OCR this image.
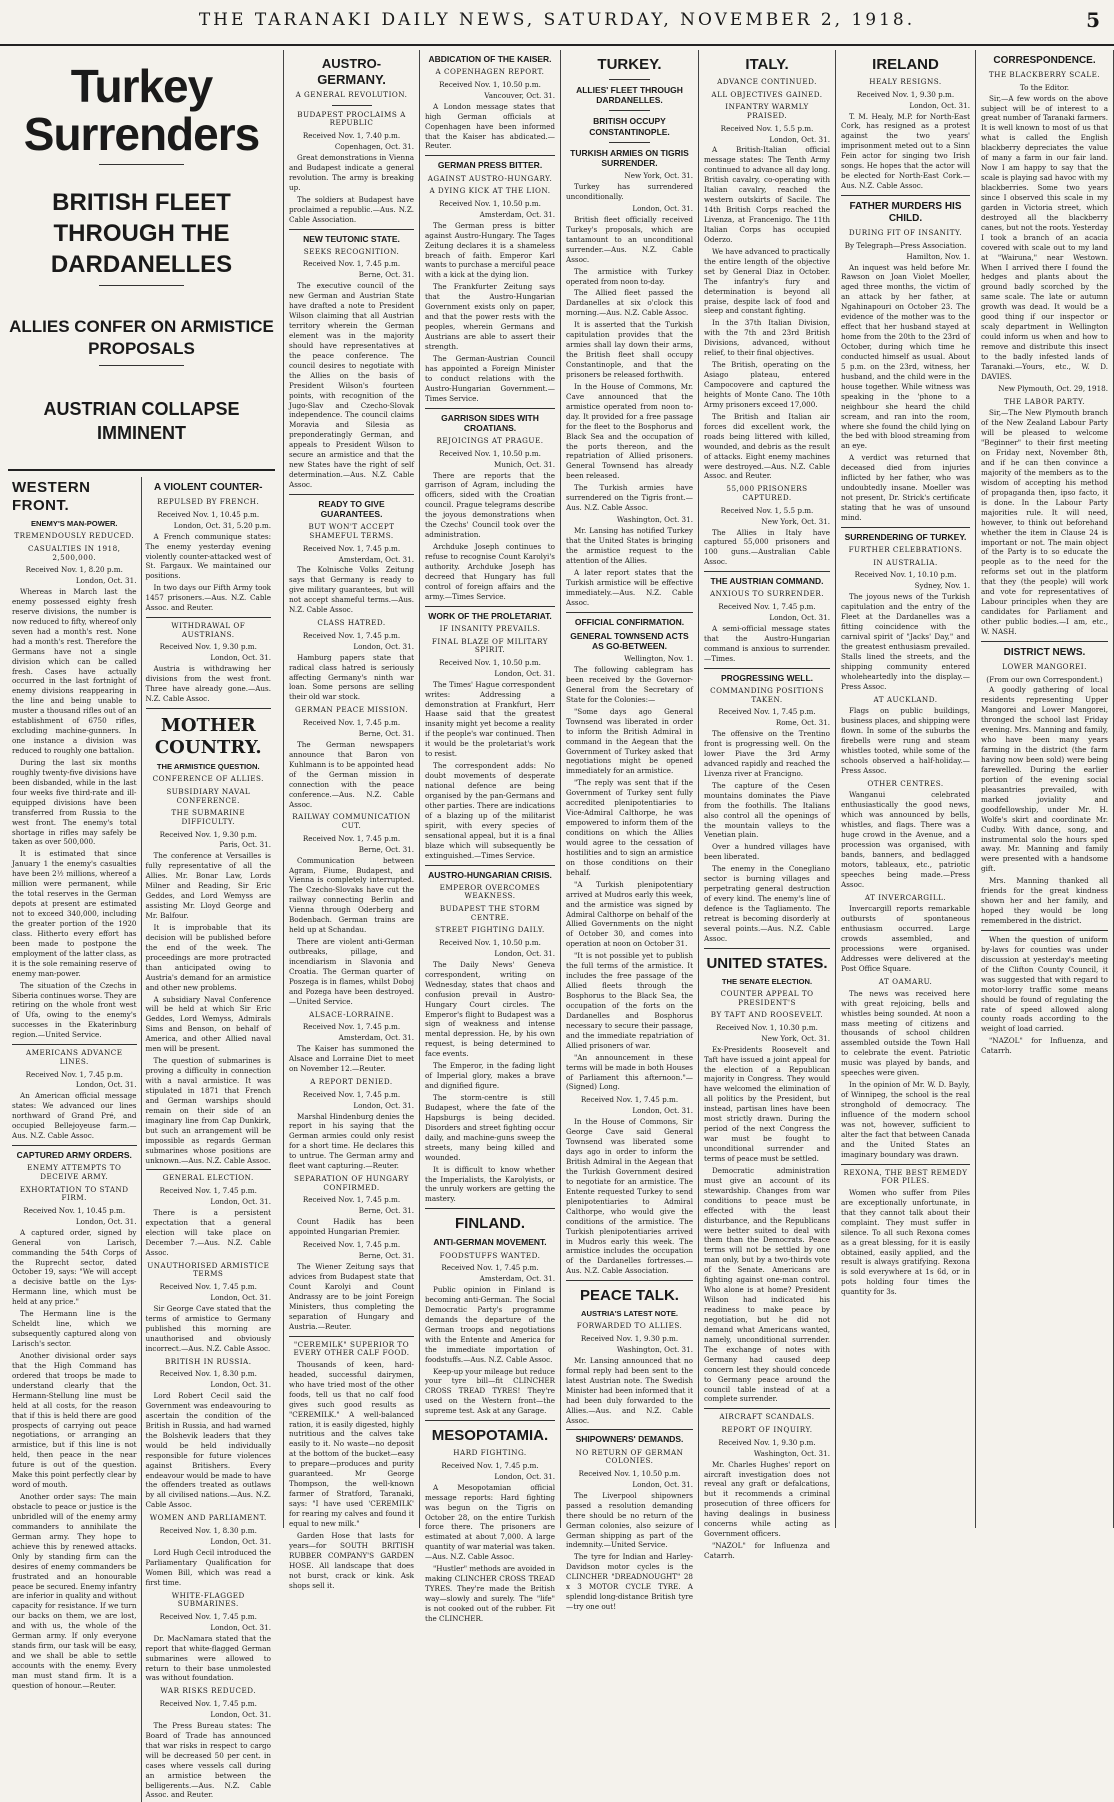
THE TARANAKI DAILY NEWS, SATURDAY, NOVEMBER 2, 1918.	5
Turkey Surrenders
BRITISH FLEET THROUGH THE DARDANELLES
ALLIES CONFER ON ARMISTICE PROPOSALS
AUSTRIAN COLLAPSE IMMINENT
WESTERN FRONT.
ENEMY'S MAN-POWER.
TREMENDOUSLY REDUCED.
CASUALTIES IN 1918, 2,500,000.
Received Nov. 1, 8.20 p.m.
London, Oct. 31.

Whereas in March last the enemy possessed eighty fresh reserve divisions, the number is now reduced to fifty, whereof only seven had a month's rest. None had a month's rest. Therefore the Germans have not a single division which can be called fresh. Cases have actually occurred in the last fortnight of enemy divisions reappearing in the line and being unable to muster a thousand rifles out of an establishment of 6750 rifles, excluding machine-gunners. In one instance a division was reduced to roughly one battalion.

During the last six months roughly twenty-five divisions have been disbanded, while in the last four weeks five third-rate and ill-equipped divisions have been transferred from Russia to the west front. The enemy's total shortage in rifles may safely be taken as over 500,000.

It is estimated that since January 1 the enemy's casualties have been 2½ millions, whereof a million were permanent, while the total reserves in the German depots at present are estimated not to exceed 340,000, including the greater portion of the 1920 class. Hitherto every effort has been made to postpone the employment of the latter class, as it is the sole remaining reserve of enemy man-power.

The situation of the Czechs in Siberia continues worse. They are retiring on the whole front west of Ufa, owing to the enemy's successes in the Ekaterinburg region.—United Service.

AMERICANS ADVANCE LINES.
Received Nov. 1, 7.45 p.m.
London, Oct. 31.

An American official message states: We advanced our lines northward of Grand Pré, and occupied Bellejoyeuse farm.—Aus. N.Z. Cable Assoc.

CAPTURED ARMY ORDERS.
ENEMY ATTEMPTS TO DECEIVE ARMY.
EXHORTATION TO STAND FIRM.
Received Nov. 1, 10.45 p.m.
London, Oct. 31.

A captured order, signed by General von Larisch, commanding the 54th Corps of the Ruprecht sector, dated October 19, says: "We will accept a decisive battle on the Lys-Hermann line, which must be held at any price."

The Hermann line is the Scheldt line, which we subsequently captured along von Larisch's sector.

Another divisional order says that the High Command has ordered that troops be made to understand clearly that the Hermann-Stellung line must be held at all costs, for the reason that if this is held there are good prospects of carrying out peace negotiations, or arranging an armistice, but if this line is not held, then peace in the near future is out of the question. Make this point perfectly clear by word of mouth.

Another order says: The main obstacle to peace or justice is the unbridled will of the enemy army commanders to annihilate the German army. They hope to achieve this by renewed attacks. Only by standing firm can the desires of enemy commanders be frustrated and an honourable peace be secured. Enemy infantry are inferior in quality and without capacity for resistance. If we turn our backs on them, we are lost, and with us, the whole of the German army. If only everyone stands firm, our task will be easy, and we shall be able to settle accounts with the enemy. Every man must stand firm. It is a question of honour.—Reuter.

A VIOLENT COUNTER-
REPULSED BY FRENCH.
Received Nov. 1, 10.45 p.m.
London, Oct. 31, 5.20 p.m.

A French communique states: The enemy yesterday evening violently counter-attacked west of St. Fargaux. We maintained our positions.

In two days our Fifth Army took 1457 prisoners.—Aus. N.Z. Cable Assoc. and Reuter.

WITHDRAWAL OF AUSTRIANS.
Received Nov. 1, 9.30 p.m.
London, Oct. 31.

Austria is withdrawing her divisions from the west front. Three have already gone.—Aus. N.Z. Cable Assoc.

MOTHER COUNTRY.
THE ARMISTICE QUESTION.
CONFERENCE OF ALLIES.
SUBSIDIARY NAVAL CONFERENCE.
THE SUBMARINE DIFFICULTY.
Received Nov. 1, 9.30 p.m.
Paris, Oct. 31.

The conference at Versailles is fully representative of all the Allies. Mr. Bonar Law, Lords Milner and Reading, Sir Eric Geddes, and Lord Wemyss are assisting Mr. Lloyd George and Mr. Balfour.

It is improbable that its decision will be published before the end of the week. The proceedings are more protracted than anticipated owing to Austria's demand for an armistice and other new problems.

A subsidiary Naval Conference will be held at which Sir Eric Geddes, Lord Wemyss, Admirals Sims and Benson, on behalf of America, and other Allied naval men will be present.

The question of submarines is proving a difficulty in connection with a naval armistice. It was stipulated in 1871 that French and German warships should remain on their side of an imaginary line from Cap Dunkirk, but such an arrangement will be impossible as regards German submarines whose positions are unknown.—Aus. N.Z. Cable Assoc.

GENERAL ELECTION.
Received Nov. 1, 7.45 p.m.
London, Oct. 31.

There is a persistent expectation that a general election will take place on December 7.—Aus. N.Z. Cable Assoc.

UNAUTHORISED ARMISTICE TERMS
Received Nov. 1, 7.45 p.m.
London, Oct. 31.

Sir George Cave stated that the terms of armistice to Germany published this morning are unauthorised and obviously incorrect.—Aus. N.Z. Cable Assoc.

BRITISH IN RUSSIA.
Received Nov. 1, 8.30 p.m.
London, Oct. 31.

Lord Robert Cecil said the Government was endeavouring to ascertain the condition of the British in Russia, and had warned the Bolshevik leaders that they would be held individually responsible for future violences against Britishers. Every endeavour would be made to have the offenders treated as outlaws by all civilised nations.—Aus. N.Z. Cable Assoc.

WOMEN AND PARLIAMENT.
Received Nov. 1, 8.30 p.m.
London, Oct. 31.

Lord Hugh Cecil introduced the Parliamentary Qualification for Women Bill, which was read a first time.

WHITE-FLAGGED SUBMARINES.
Received Nov. 1, 7.45 p.m.
London, Oct. 31.

Dr. MacNamara stated that the report that white-flagged German submarines were allowed to return to their base unmolested was without foundation.

WAR RISKS REDUCED.
Received Nov. 1, 7.45 p.m.
London, Oct. 31.

The Press Bureau states: The Board of Trade has announced that war risks in respect to cargo will be decreased 50 per cent. in cases where vessels call during an armistice between the belligerents.—Aus. N.Z. Cable Assoc. and Reuter.

AUSTRO-GERMANY.
A GENERAL REVOLUTION.
BUDAPEST PROCLAIMS A REPUBLIC
Received Nov. 1, 7.40 p.m.
Copenhagen, Oct. 31.

Great demonstrations in Vienna and Budapest indicate a general revolution. The army is breaking up.

The soldiers at Budapest have proclaimed a republic.—Aus. N.Z. Cable Association.

NEW TEUTONIC STATE.
SEEKS RECOGNITION.
Received Nov. 1, 7.45 p.m.
Berne, Oct. 31.

The executive council of the new German and Austrian State have drafted a note to President Wilson claiming that all Austrian territory wherein the German element was in the majority should have representatives at the peace conference. The council desires to negotiate with the Allies on the basis of President Wilson's fourteen points, with recognition of the Jugo-Slav and Czecho-Slovak independence. The council claims Moravia and Silesia as preponderatingly German, and appeals to President Wilson to secure an armistice and that the new States have the right of self determination.—Aus. N.Z. Cable Assoc.

READY TO GIVE GUARANTEES.
BUT WON'T ACCEPT SHAMEFUL TERMS.
Received Nov. 1, 7.45 p.m.
Amsterdam, Oct. 31.

The Kolnische Volks Zeitung says that Germany is ready to give military guarantees, but will not accept shameful terms.—Aus. N.Z. Cable Assoc.

CLASS HATRED.
Received Nov. 1, 7.45 p.m.
London, Oct. 31.

Hamburg papers state that radical class hatred is seriously affecting Germany's ninth war loan. Some persons are selling their old war stock.

GERMAN PEACE MISSION.
Received Nov. 1, 7.45 p.m.
Berne, Oct. 31.

The German newspapers announce that Baron von Kuhlmann is to be appointed head of the German mission in connection with the peace conference.—Aus. N.Z. Cable Assoc.

RAILWAY COMMUNICATION CUT.
Received Nov. 1, 7.45 p.m.
Berne, Oct. 31.

Communication between Agram, Fiume, Budapest, and Vienna is completely interrupted. The Czecho-Slovaks have cut the railway connecting Berlin and Vienna through Oderberg and Bodenbach. German trains are held up at Schandau.

There are violent anti-German outbreaks, pillage, and incendiarism in Slavonia and Croatia. The German quarter of Poszega is in flames, whilst Doboj and Pozega have been destroyed.—United Service.

ALSACE-LORRAINE.
Received Nov. 1, 7.45 p.m.
Amsterdam, Oct. 31.

The Kaiser has summoned the Alsace and Lorraine Diet to meet on November 12.—Reuter.

A REPORT DENIED.
Received Nov. 1, 7.45 p.m.
London, Oct. 31.

Marshal Hindenburg denies the report in his saying that the German armies could only resist for a short time. He declares this to untrue. The German army and fleet want capturing.—Reuter.

SEPARATION OF HUNGARY CONFIRMED.
Received Nov. 1, 7.45 p.m.
Berne, Oct. 31.

Count Hadik has been appointed Hungarian Premier.

Received Nov. 1, 7.45 p.m.
Berne, Oct. 31.

The Wiener Zeitung says that advices from Budapest state that Count Karolyi and Count Andrassy are to be joint Foreign Ministers, thus completing the separation of Hungary and Austria.—Reuter.

"CEREMILK" SUPERIOR TO EVERY OTHER CALF FOOD.

Thousands of keen, hard-headed, successful dairymen, who have tried most of the other foods, tell us that no calf food gives such good results as "CEREMILK." A well-balanced ration, it is easily digested, highly nutritious and the calves take easily to it. No waste—no deposit at the bottom of the bucket—easy to prepare—produces and purity guaranteed. Mr George Thompson, the well-known farmer of Stratford, Taranaki, says: "I have used 'CEREMILK' for rearing my calves and found it equal to new milk."

Garden Hose that lasts for years—for SOUTH BRITISH RUBBER COMPANY'S GARDEN HOSE. All landscape that does not burst, crack or kink. Ask shops sell it.

ABDICATION OF THE KAISER.
A COPENHAGEN REPORT.
Received Nov. 1, 10.50 p.m.
Vancouver, Oct. 31.

A London message states that high German officials at Copenhagen have been informed that the Kaiser has abdicated.—Reuter.

GERMAN PRESS BITTER.
AGAINST AUSTRO-HUNGARY.
A DYING KICK AT THE LION.
Received Nov. 1, 10.50 p.m.
Amsterdam, Oct. 31.

The German press is bitter against Austro-Hungary. The Tages Zeitung declares it is a shameless breach of faith. Emperor Karl wants to purchase a merciful peace with a kick at the dying lion.

The Frankfurter Zeitung says that the Austro-Hungarian Government exists only on paper, and that the power rests with the peoples, wherein Germans and Austrians are able to assert their strength.

The German-Austrian Council has appointed a Foreign Minister to conduct relations with the Austro-Hungarian Government.—Times Service.

GARRISON SIDES WITH CROATIANS.
REJOICINGS AT PRAGUE.
Received Nov. 1, 10.50 p.m.
Munich, Oct. 31.

There are reports that the garrison of Agram, including the officers, sided with the Croatian council. Prague telegrams describe the joyous demonstrations when the Czechs' Council took over the administration.

Archduke Joseph continues to refuse to recognise Count Karolyi's authority. Archduke Joseph has decreed that Hungary has full control of foreign affairs and the army.—Times Service.

WORK OF THE PROLETARIAT.
IF INSANITY PREVAILS.
FINAL BLAZE OF MILITARY SPIRIT.
Received Nov. 1, 10.50 p.m.
London, Oct. 31.

The Times' Hague correspondent writes: Addressing a demonstration at Frankfurt, Herr Haase said that the greatest insanity might yet become a reality if the people's war continued. Then it would be the proletariat's work to resist.

The correspondent adds: No doubt movements of desperate national defence are being organised by the pan-Germans and other parties. There are indications of a blazing up of the militarist spirit, with every species of sensational appeal, but it is a final blaze which will subsequently be extinguished.—Times Service.

AUSTRO-HUNGARIAN CRISIS.
EMPEROR OVERCOMES WEAKNESS.
BUDAPEST THE STORM CENTRE.
STREET FIGHTING DAILY.
Received Nov. 1, 10.50 p.m.
London, Oct. 31.

The Daily News' Geneva correspondent, writing on Wednesday, states that chaos and confusion prevail in Austro-Hungary Court circles. The Emperor's flight to Budapest was a sign of weakness and intense mental depression. He, by his own request, is being determined to face events.

The Emperor, in the fading light of Imperial glory, makes a brave and dignified figure.

The storm-centre is still Budapest, where the fate of the Hapsburgs is being decided. Disorders and street fighting occur daily, and machine-guns sweep the streets, many being killed and wounded.

It is difficult to know whether the Imperialists, the Karolyists, or the unruly workers are getting the mastery.

FINLAND.
ANTI-GERMAN MOVEMENT.
FOODSTUFFS WANTED.
Received Nov. 1, 7.45 p.m.
Amsterdam, Oct. 31.

Public opinion in Finland is becoming anti-German. The Social Democratic Party's programme demands the departure of the German troops and negotiations with the Entente and America for the immediate importation of foodstuffs.—Aus. N.Z. Cable Assoc.

Keep-up your mileage but reduce your tyre bill—fit CLINCHER CROSS TREAD TYRES! They're used on the Western front—the supreme test. Ask at any Garage.

MESOPOTAMIA.
HARD FIGHTING.
Received Nov. 1, 7.45 p.m.
London, Oct. 31.

A Mesopotamian official message reports: Hard fighting was begun on the Tigris on October 28, on the entire Turkish force there. The prisoners are estimated at about 7,000. A large quantity of war material was taken.—Aus. N.Z. Cable Assoc.

"Hustler" methods are avoided in making CLINCHER CROSS TREAD TYRES. They're made the British way—slowly and surely. The "life" is not cooked out of the rubber. Fit the CLINCHER.

TURKEY.
ALLIES' FLEET THROUGH DARDANELLES.
BRITISH OCCUPY CONSTANTINOPLE.
TURKISH ARMIES ON TIGRIS SURRENDER.
New York, Oct. 31.

Turkey has surrendered unconditionally.

London, Oct. 31.

British fleet officially received Turkey's proposals, which are tantamount to an unconditional surrender.—Aus. N.Z. Cable Assoc.

The armistice with Turkey operated from noon to-day.

The Allied fleet passed the Dardanelles at six o'clock this morning.—Aus. N.Z. Cable Assoc.

It is asserted that the Turkish capitulation provides that the armies shall lay down their arms, the British fleet shall occupy Constantinople, and that the prisoners be released forthwith.

In the House of Commons, Mr. Cave announced that the armistice operated from noon to-day. It provided for a free passage for the fleet to the Bosphorus and Black Sea and the occupation of the ports thereon, and the repatriation of Allied prisoners. General Townsend has already been released.

The Turkish armies have surrendered on the Tigris front.—Aus. N.Z. Cable Assoc.

Washington, Oct. 31.

Mr. Lansing has notified Turkey that the United States is bringing the armistice request to the attention of the Allies.

A later report states that the Turkish armistice will be effective immediately.—Aus. N.Z. Cable Assoc.

OFFICIAL CONFIRMATION.
GENERAL TOWNSEND ACTS AS GO-BETWEEN.
Wellington, Nov. 1.

The following cablegram has been received by the Governor-General from the Secretary of State for the Colonies:—

"Some days ago General Townsend was liberated in order to inform the British Admiral in command in the Aegean that the Government of Turkey asked that negotiations might be opened immediately for an armistice.

"The reply was sent that if the Government of Turkey sent fully accredited plenipotentiaries to Vice-Admiral Calthorpe, he was empowered to inform them of the conditions on which the Allies would agree to the cessation of hostilities and to sign an armistice on those conditions on their behalf.

"A Turkish plenipotentiary arrived at Mudros early this week, and the armistice was signed by Admiral Calthorpe on behalf of the Allied Governments on the night of October 30, and comes into operation at noon on October 31.

"It is not possible yet to publish the full terms of the armistice. It includes the free passage of the Allied fleets through the Bosphorus to the Black Sea, the occupation of the forts on the Dardanelles and Bosphorus necessary to secure their passage, and the immediate repatriation of Allied prisoners of war.

"An announcement in these terms will be made in both Houses of Parliament this afternoon."—(Signed) Long.

Received Nov. 1, 7.45 p.m.
London, Oct. 31.

In the House of Commons, Sir George Cave said General Townsend was liberated some days ago in order to inform the British Admiral in the Aegean that the Turkish Government desired to negotiate for an armistice. The Entente requested Turkey to send plenipotentiaries to Admiral Calthorpe, who would give the conditions of the armistice. The Turkish plenipotentiaries arrived in Mudros early this week. The armistice includes the occupation of the Dardanelles fortresses.—Aus. N.Z. Cable Association.

PEACE TALK.
AUSTRIA'S LATEST NOTE.
FORWARDED TO ALLIES.
Received Nov. 1, 9.30 p.m.
Washington, Oct. 31.

Mr. Lansing announced that no formal reply had been sent to the latest Austrian note. The Swedish Minister had been informed that it had been duly forwarded to the Allies.—Aus. and N.Z. Cable Assoc.

SHIPOWNERS' DEMANDS.
NO RETURN OF GERMAN COLONIES.
Received Nov. 1, 10.50 p.m.
London, Oct. 31.

The Liverpool shipowners passed a resolution demanding there should be no return of the German colonies, also seizure of German shipping as part of the indemnity.—United Service.

The tyre for Indian and Harley-Davidson motor cycles is the CLINCHER "DREADNOUGHT" 28 x 3 MOTOR CYCLE TYRE. A splendid long-distance British tyre—try one out!

ITALY.
ADVANCE CONTINUED.
ALL OBJECTIVES GAINED.
INFANTRY WARMLY PRAISED.
Received Nov. 1, 5.5 p.m.
London, Oct. 31.

A British-Italian official message states: The Tenth Army continued to advance all day long. British cavalry, co-operating with Italian cavalry, reached the western outskirts of Sacile. The 14th British Corps reached the Livenza, at Francenigo. The 11th Italian Corps has occupied Oderzo.

We have advanced to practically the entire length of the objective set by General Diaz in October. The infantry's fury and determination is beyond all praise, despite lack of food and sleep and constant fighting.

In the 37th Italian Division, with the 7th and 23rd British Divisions, advanced, without relief, to their final objectives.

The British, operating on the Asiago plateau, entered Campocovere and captured the heights of Monte Cano. The 10th Army prisoners exceed 17,000.

The British and Italian air forces did excellent work, the roads being littered with killed, wounded, and debris as the result of attacks. Eight enemy machines were destroyed.—Aus. N.Z. Cable Assoc. and Reuter.

55,000 PRISONERS CAPTURED.
Received Nov. 1, 5.5 p.m.
New York, Oct. 31.

The Allies in Italy have captured 55,000 prisoners and 100 guns.—Australian Cable Assoc.

THE AUSTRIAN COMMAND.
ANXIOUS TO SURRENDER.
Received Nov. 1, 7.45 p.m.
London, Oct. 31.

A semi-official message states that the Austro-Hungarian command is anxious to surrender.—Times.

PROGRESSING WELL.
COMMANDING POSITIONS TAKEN.
Received Nov. 1, 7.45 p.m.
Rome, Oct. 31.

The offensive on the Trentino front is progressing well. On the lower Piave the 3rd Army advanced rapidly and reached the Livenza river at Francigno.

The capture of the Cesen mountains dominates the Piave from the foothills. The Italians also control all the openings of the mountain valleys to the Venetian plain.

Over a hundred villages have been liberated.

The enemy in the Conegliano sector is burning villages and perpetrating general destruction of every kind. The enemy's line of defence is the Tagliamento. The retreat is becoming disorderly at several points.—Aus. N.Z. Cable Assoc.

UNITED STATES.
THE SENATE ELECTION.
COUNTER APPEAL TO PRESIDENT'S
BY TAFT AND ROOSEVELT.
Received Nov. 1, 10.30 p.m.
New York, Oct. 31.

Ex-Presidents Roosevelt and Taft have issued a joint appeal for the election of a Republican majority in Congress. They would have welcomed the elimination of all politics by the President, but instead, partisan lines have been most strictly drawn. During the period of the next Congress the war must be fought to unconditional surrender and terms of peace must be settled.

Democratic administration must give an account of its stewardship. Changes from war conditions to peace must be effected with the least disturbance, and the Republicans were better suited to deal with them than the Democrats. Peace terms will not be settled by one man only, but by a two-thirds vote of the Senate. Americans are fighting against one-man control. Who alone is at home? President Wilson had indicated his readiness to make peace by negotiation, but he did not demand what Americans wanted, namely, unconditional surrender. The exchange of notes with Germany had caused deep concern lest they should concede to Germany peace around the council table instead of at a complete surrender.

AIRCRAFT SCANDALS.
REPORT OF INQUIRY.
Received Nov. 1, 9.30 p.m.
Washington, Oct. 31.

Mr. Charles Hughes' report on aircraft investigation does not reveal any graft or defalcations, but it recommends a criminal prosecution of three officers for having dealings in business concerns while acting as Government officers.

"NAZOL" for Influenza and Catarrh.

IRELAND
HEALY RESIGNS.
Received Nov. 1, 9.30 p.m.
London, Oct. 31.

T. M. Healy, M.P. for North-East Cork, has resigned as a protest against the two years' imprisonment meted out to a Sinn Fein actor for singing two Irish songs. He hopes that the actor will be elected for North-East Cork.—Aus. N.Z. Cable Assoc.

FATHER MURDERS HIS CHILD.
DURING FIT OF INSANITY.
By Telegraph—Press Association.
Hamilton, Nov. 1.

An inquest was held before Mr. Rawson on Joan Violet Moeller, aged three months, the victim of an attack by her father, at Ngahinapouri on October 23. The evidence of the mother was to the effect that her husband stayed at home from the 20th to the 23rd of October, during which time he conducted himself as usual. About 5 p.m. on the 23rd, witness, her husband, and the child were in the house together. While witness was speaking in the 'phone to a neighbour she heard the child scream, and ran into the room, where she found the child lying on the bed with blood streaming from an eye.

A verdict was returned that deceased died from injuries inflicted by her father, who was undoubtedly insane. Moeller was not present, Dr. Strick's certificate stating that he was of unsound mind.

SURRENDERING OF TURKEY.
FURTHER CELEBRATIONS.
IN AUSTRALIA.
Received Nov. 1, 10.10 p.m.
Sydney, Nov. 1.

The joyous news of the Turkish capitulation and the entry of the Fleet at the Dardanelles was a fitting coincidence with the carnival spirit of "Jacks' Day," and the greatest enthusiasm prevailed. Stalls lined the streets, and the shipping community entered wholeheartedly into the display.—Press Assoc.

AT AUCKLAND.

Flags on public buildings, business places, and shipping were flown. In some of the suburbs the firebells were rung and steam whistles tooted, while some of the schools observed a half-holiday.—Press Assoc.

OTHER CENTRES.

Wanganui celebrated enthusiastically the good news, which was announced by bells, whistles, and flags. There was a huge crowd in the Avenue, and a procession was organised, with bands, banners, and bedlagged motors, tableaux, etc., patriotic speeches being made.—Press Assoc.

AT INVERCARGILL.

Invercargill reports remarkable outbursts of spontaneous enthusiasm occurred. Large crowds assembled, and processions were organised. Addresses were delivered at the Post Office Square.

AT OAMARU.

The news was received here with great rejoicing, bells and whistles being sounded. At noon a mass meeting of citizens and thousands of school children assembled outside the Town Hall to celebrate the event. Patriotic music was played by bands, and speeches were given.

In the opinion of Mr. W. D. Bayly, of Winnipeg, the school is the real stronghold of democracy. The influence of the modern school was not, however, sufficient to alter the fact that between Canada and the United States an imaginary boundary was drawn.

REXONA, THE BEST REMEDY FOR PILES.

Women who suffer from Piles are exceptionally unfortunate, in that they cannot talk about their complaint. They must suffer in silence. To all such Rexona comes as a great blessing, for it is easily obtained, easily applied, and the result is always gratifying. Rexona is sold everywhere at 1s 6d, or in pots holding four times the quantity for 3s.

CORRESPONDENCE.
THE BLACKBERRY SCALE.
To the Editor.

Sir,—A few words on the above subject will be of interest to a great number of Taranaki farmers. It is well known to most of us that what is called the English blackberry depreciates the value of many a farm in our fair land. Now I am happy to say that the scale is playing sad havoc with my blackberries. Some two years since I observed this scale in my garden in Victoria street, which destroyed all the blackberry canes, but not the roots. Yesterday I took a branch of an acacia covered with scale out to my land at "Wairuna," near Westown. When I arrived there I found the hedges and plants about the ground badly scorched by the same scale. The late or autumn growth was dead. It would be a good thing if our inspector or scaly department in Wellington could inform us when and how to remove and distribute this insect to the badly infested lands of Taranaki.—Yours, etc., W. D. DAVIES.

New Plymouth, Oct. 29, 1918.
THE LABOR PARTY.

Sir,—The New Plymouth branch of the New Zealand Labour Party will be pleased to welcome "Beginner" to their first meeting on Friday next, November 8th, and if he can then convince a majority of the members as to the wisdom of accepting his method of propaganda then, ipso facto, it is done. In the Labour Party majorities rule. It will need, however, to think out beforehand whether the item in Clause 24 is important or not. The main object of the Party is to so educate the people as to the need for the reforms set out in the platform that they (the people) will work and vote for representatives of Labour principles when they are candidates for Parliament and other public bodies.—I am, etc., W. NASH.

DISTRICT NEWS.
LOWER MANGOREI.
(From our own Correspondent.)

A goodly gathering of local residents representing Upper Mangorei and Lower Mangorei, thronged the school last Friday evening. Mrs. Manning and family, who have been many years farming in the district (the farm having now been sold) were being farewelled. During the earlier portion of the evening social pleasantries prevailed, with marked joviality and goodfellowship, under Mr. H. Wolfe's skirt and coordinate Mr. Cudby. With dance, song, and instrumental solo the hours sped away. Mr. Manning and family were presented with a handsome gift.

Mrs. Manning thanked all friends for the great kindness shown her and her family, and hoped they would be long remembered in the district.

When the question of uniform by-laws for counties was under discussion at yesterday's meeting of the Clifton County Council, it was suggested that with regard to motor-lorry traffic some means should be found of regulating the rate of speed allowed along county roads according to the weight of load carried.

"NAZOL" for Influenza, and Catarrh.
